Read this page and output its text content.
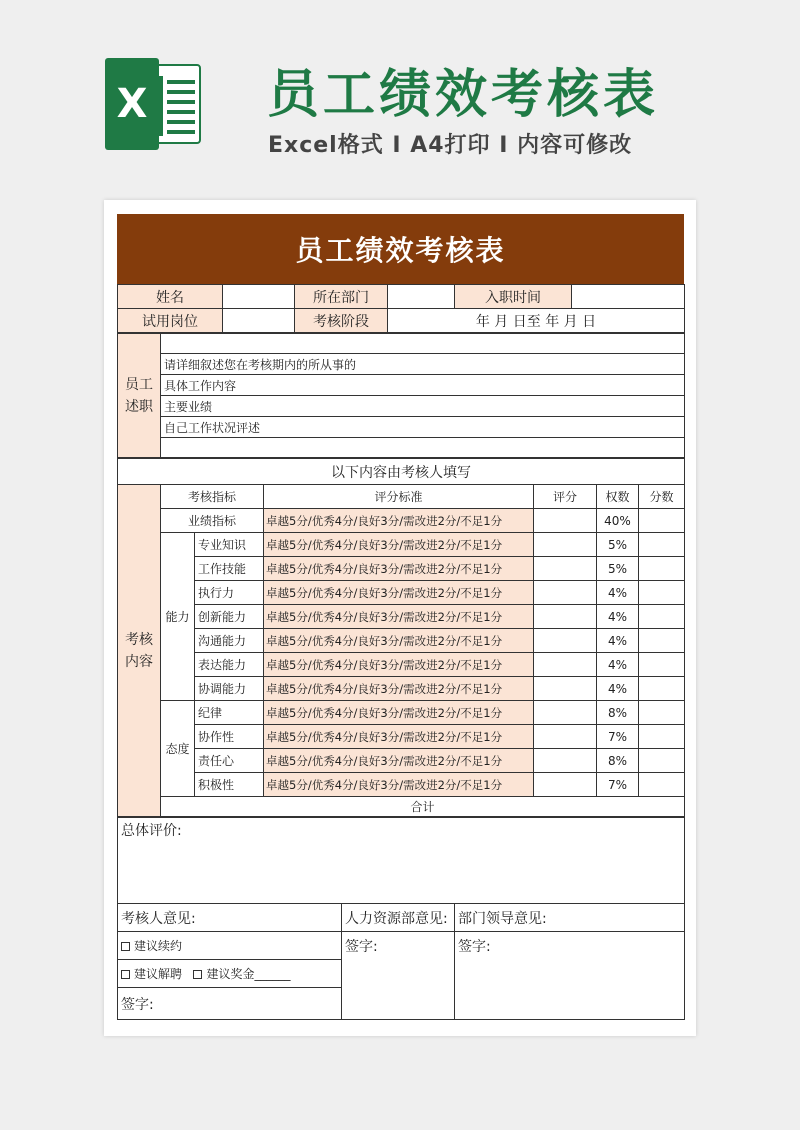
X 员工绩效考核表
Excel格式 I A4打印 I 内容可修改
员工绩效考核表
姓名		所在部门		入职时间	
试用岗位		考核阶段	年 月 日至 年 月 日		
员工述职	
请详细叙述您在考核期内的所从事的
具体工作内容
主要业绩
自己工作状况评述

以下内容由考核人填写							
考核内容	考核指标		评分标准	评分	权数	分数	
	业绩指标		卓越5分/优秀4分/良好3分/需改进2分/不足1分		40%		
	能力	专业知识	卓越5分/优秀4分/良好3分/需改进2分/不足1分		5%		
		工作技能	卓越5分/优秀4分/良好3分/需改进2分/不足1分		5%		
		执行力	卓越5分/优秀4分/良好3分/需改进2分/不足1分		4%		
		创新能力	卓越5分/优秀4分/良好3分/需改进2分/不足1分		4%		
		沟通能力	卓越5分/优秀4分/良好3分/需改进2分/不足1分		4%		
		表达能力	卓越5分/优秀4分/良好3分/需改进2分/不足1分		4%		
		协调能力	卓越5分/优秀4分/良好3分/需改进2分/不足1分		4%		
	态度	纪律	卓越5分/优秀4分/良好3分/需改进2分/不足1分		8%		
		协作性	卓越5分/优秀4分/良好3分/需改进2分/不足1分		7%		
		责任心	卓越5分/优秀4分/良好3分/需改进2分/不足1分		8%		
		积极性	卓越5分/优秀4分/良好3分/需改进2分/不足1分		7%		
	合计						
总体评价:		
考核人意见:	人力资源部意见:	部门领导意见:
建议续约	签字:	签字:
建议解聘 建议奖金______		
签字:		
